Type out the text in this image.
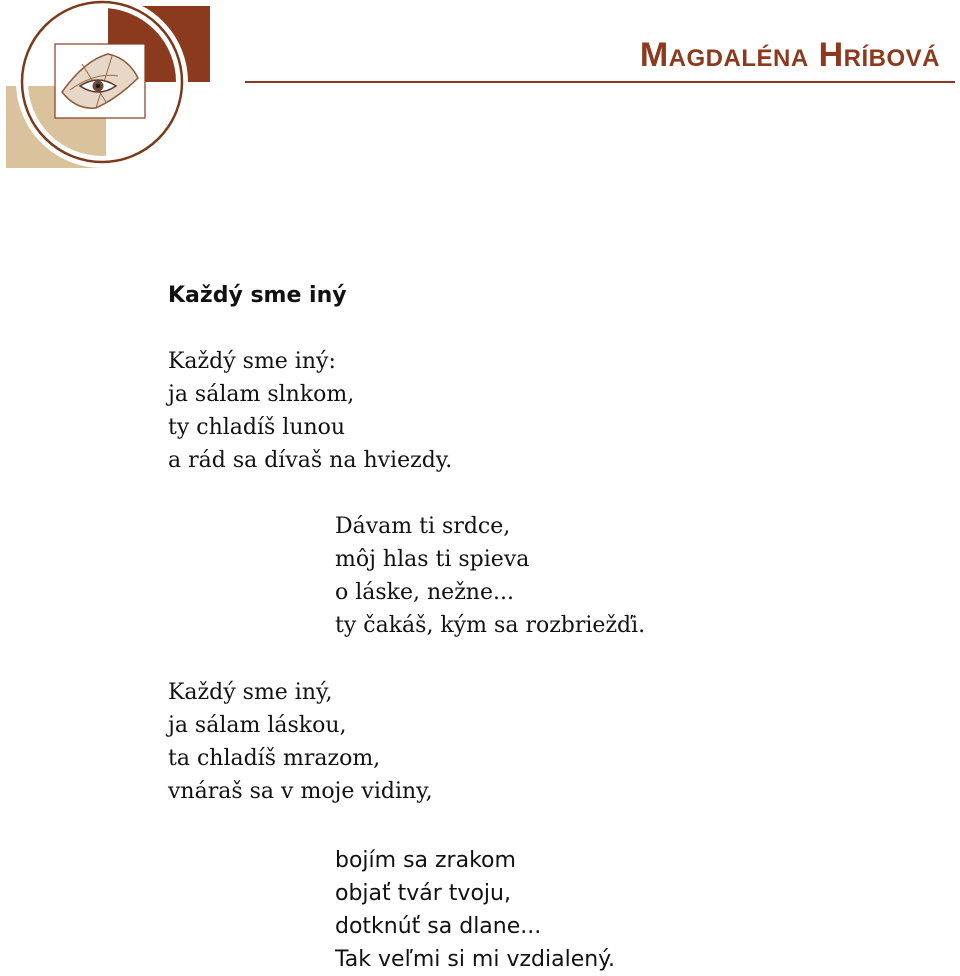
Magdaléna Hríbová
Každý sme iný

Každý sme iný:
ja sálam slnkom,
ty chladíš lunou
a rád sa dívaš na hviezdy.

Dávam ti srdce,
môj hlas ti spieva
o láske, nežne...
ty čakáš, kým sa rozbriežďi.

Každý sme iný,
ja sálam láskou,
ta chladíš mrazom,
vnáraš sa v moje vidiny,

bojím sa zrakom
objať tvár tvoju,
dotknúť sa dlane...
Tak veľmi si mi vzdialený.
